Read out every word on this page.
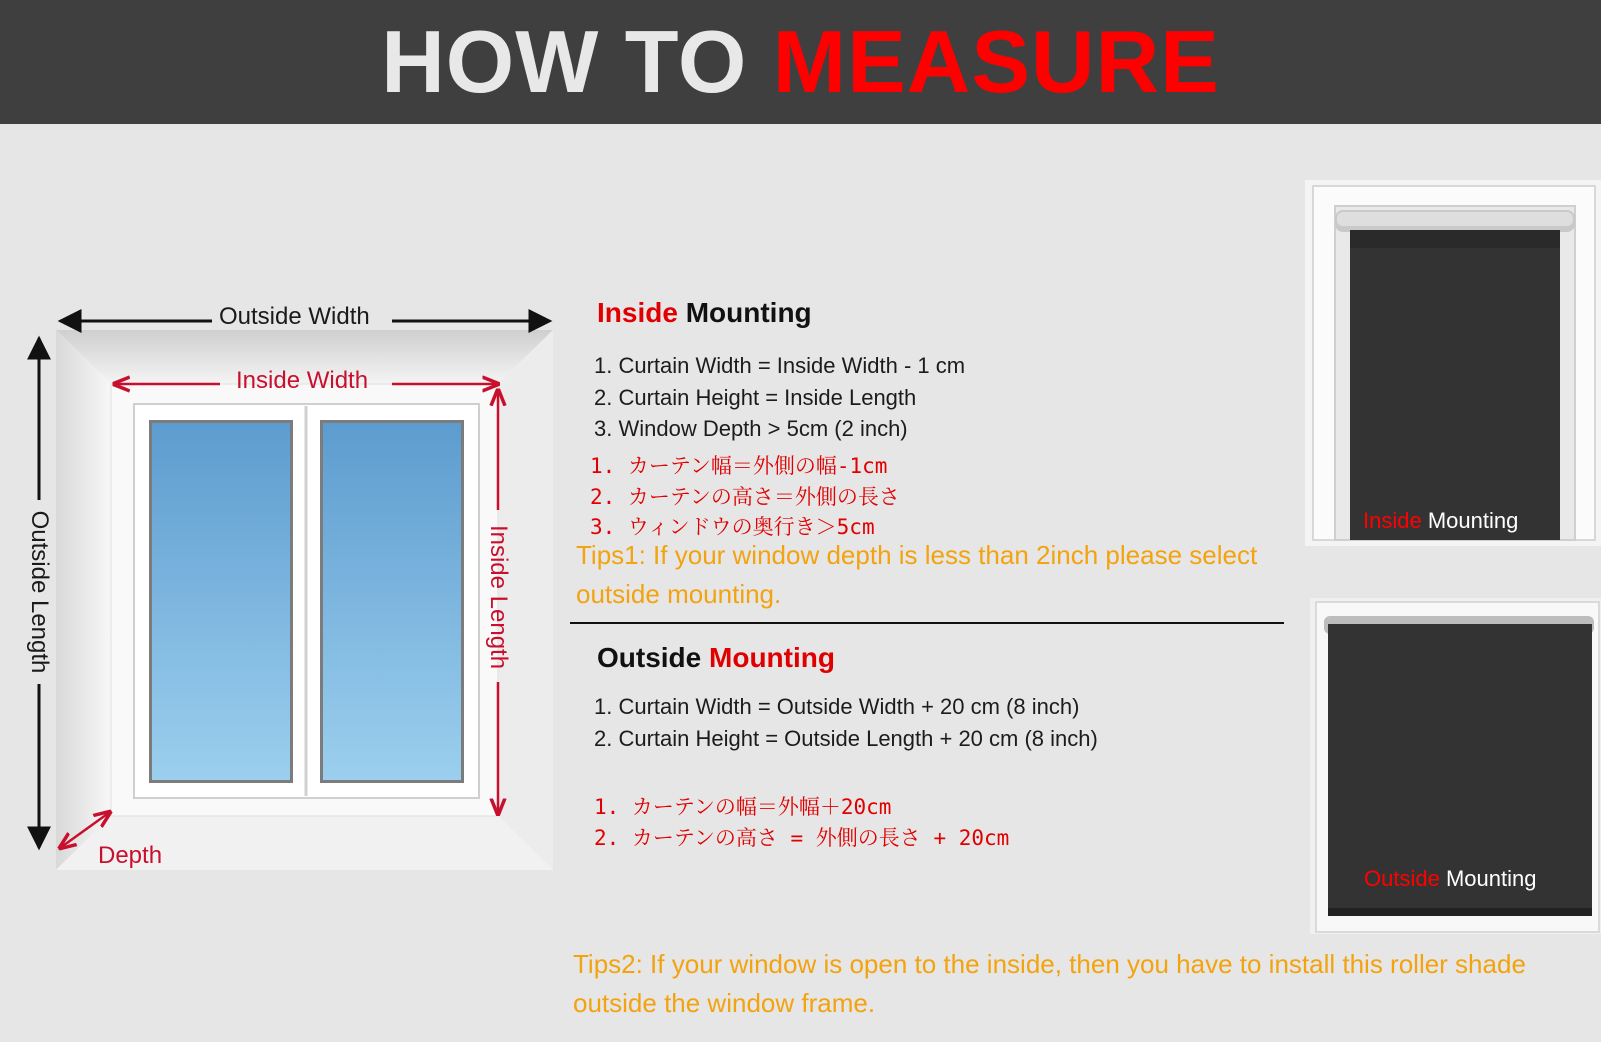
HOW TO MEASURE
Outside Width
Inside Width
Outside Length	Inside Length
Depth
Inside Mounting
1. Curtain Width = Inside Width - 1 cm
2. Curtain Height = Inside Length
3. Window Depth > 5cm (2 inch)
1. カーテン幅＝外側の幅-1cm
2. カーテンの高さ＝外側の長さ
3. ウィンドウの奥行き＞5cm
Tips1: If your window depth is less than 2inch please select outside mounting.
Outside Mounting
1. Curtain Width = Outside Width + 20 cm (8 inch)
2. Curtain Height = Outside Length + 20 cm (8 inch)
1. カーテンの幅＝外幅＋20cm
2. カーテンの高さ = 外側の長さ + 20cm
Tips2: If your window is open to the inside, then you have to install this roller shade outside the window frame.
Inside Mounting
Outside Mounting
